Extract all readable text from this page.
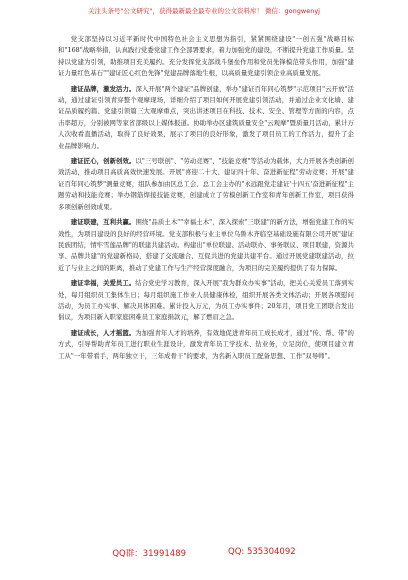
关注头条号"公文研究"，获得最新最全最专业的公文资料库！ 微信：gongwenyj

党支部坚持以习近平新时代中国特色社会主义思想为指引，紧紧围绕建设"一创五强"战略目标和"168"战略举措，认真践行党委党建工作全部署要求，着力加强党的建设，不断提升党建工作质量。坚持以党建为引领，助推项目充美履约。充分发挥党支部战斗堡垒作用和党员先锋模范带头作用，加强"建证力量红色基石""建证匠心红色先锋"党建品牌落地生根，以高质量党建引领企业高质量发展。

建证品牌，激发活力。深入开展"两个建证"品牌创建，举办"建证百年同心筑梦"示范项目"云开放"活动，通过建证引领青穿整个观摩现场，详细介绍了项目如何开展党建引领活动，并通过企业文化墙、建证品质履约篇、党建引领篇三大观摩重点，突出讲述项目在科技、技术、安全、管理等方面的内容，点击率超万，分别被网等家省部级以上媒体报道。协助举办区建筑质量安全"云观摩"暨质量月活动，累计万人次收看直播活动，取得了良好效果，展示了项目的良好形象，激发了项目员工的工作活力，提升了企业品牌影响力。

建证匠心，创新创效。以"三号联创"、"劳动竞赛"、"技能竞赛"等活动为载体，大力开展各类创新创效活动，推动项目高质高效快速发展。开展"喜迎二十大、建证四十年、奋进新征程"劳动竞赛；开展"建证百年同心筑梦"测量竞赛，组队参加由区总工会、总工会主办的"永远跟党走建证'十四五'奋进新征程"主题劳动和技能竞赛；举办钢筋焊接技能竞赛，创建成立了劳模创新工作室和青年创新工作室，项目获得多项创新创效成果。

建证联建，互利共赢。围绕"品质土木""幸福土木"，深入探索"三联建"的新方法，增强党建工作的实效性，为项目建设的良好的经营环境。党支部积极与业主单位乌鲁木齐临空基础设施有限公司开展"建证民族团结，情牢雪莲品牌"的联建共建活动。构建出"单位联建、活动联办、事务联议、项目联建，资源共享、品牌共建"的党建新格局，搭建了交流融合、互促共进的党建共建平台。通过开展党建联建活动，拉近了与业主之间的距离，推动了党建工作与生产经营深度融合，为项目的完美履约提供了有力保障。

建证幸福，关爱员工。结合党史学习教育，深入开展"我为群众办实事"活动，把关心关爱员工落到实处，每月组织员工集体生日；每月组织施工作业人员健康体检，组织开展各类文体活动；开展各项慰问活动，为员工办实事、解决具体困难。累计投入万元，为员工办实事件；20年月，项目党工团联合发出倡议，为项目新入职家庭困难员工家庭捐款元，解了燃眉之急。

建证成长，人才摇篮。为加强青年人才的培养，有效地促进青年员工成长成才，通过"传、帮、带"的方式，引导帮助青年员工进行职业生涯设计，激发青年员工学技术、钻业务，立足岗位，使项目建立青工从"一年带看手，两年独立干，三年成骨干"的要求，为名新入职员工配备思想、工作"双导师"。

QQ群：31991489	QQ: 535304092
